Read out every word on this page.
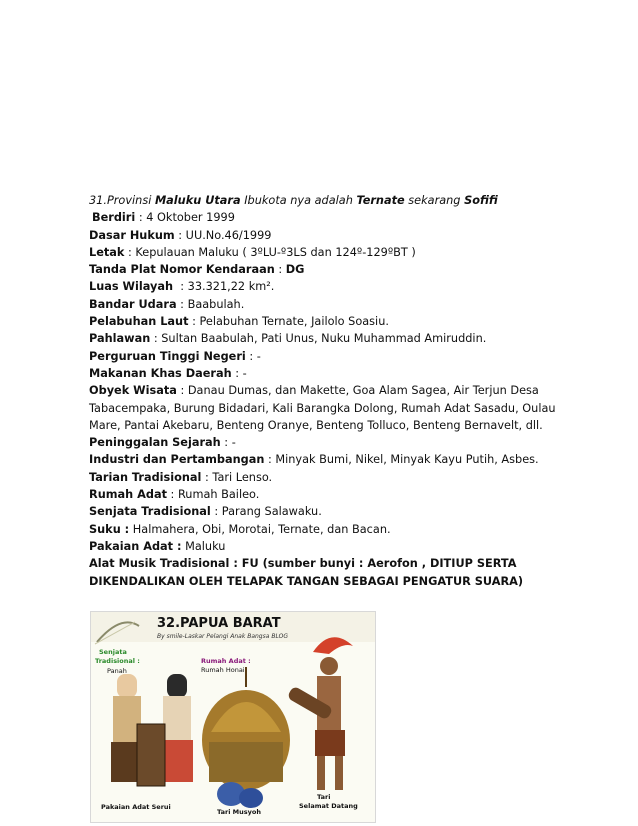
31.Provinsi Maluku Utara Ibukota nya adalah Ternate sekarang Sofifi
Berdiri : 4 Oktober 1999
Dasar Hukum : UU.No.46/1999
Letak : Kepulauan Maluku ( 3ºLU-º3LS dan 124º-129ºBT )
Tanda Plat Nomor Kendaraan : DG
Luas Wilayah  : 33.321,22 km².
Bandar Udara : Baabulah.
Pelabuhan Laut : Pelabuhan Ternate, Jailolo Soasiu.
Pahlawan : Sultan Baabulah, Pati Unus, Nuku Muhammad Amiruddin.
Perguruan Tinggi Negeri : -
Makanan Khas Daerah : -
Obyek Wisata : Danau Dumas, dan Makette, Goa Alam Sagea, Air Terjun Desa Tabacempaka, Burung Bidadari, Kali Barangka Dolong, Rumah Adat Sasadu, Oulau Mare, Pantai Akebaru, Benteng Oranye, Benteng Tolluco, Benteng Bernavelt, dll.
Peninggalan Sejarah : -
Industri dan Pertambangan : Minyak Bumi, Nikel, Minyak Kayu Putih, Asbes.
Tarian Tradisional : Tari Lenso.
Rumah Adat : Rumah Baileo.
Senjata Tradisional : Parang Salawaku.
Suku : Halmahera, Obi, Morotai, Ternate, dan Bacan.
Pakaian Adat : Maluku
Alat Musik Tradisional : FU (sumber bunyi : Aerofon , DITIUP SERTA DIKENDALIKAN OLEH TELAPAK TANGAN SEBAGAI PENGATUR SUARA)
32.PAPUA BARAT
By smile-Laskar Pelangi Anak Bangsa BLOG
Senjata
Tradisional :
Panah
Rumah Adat :
Rumah Honai
Pakaian Adat Serui
Tari Musyoh
Tari
Selamat Datang
